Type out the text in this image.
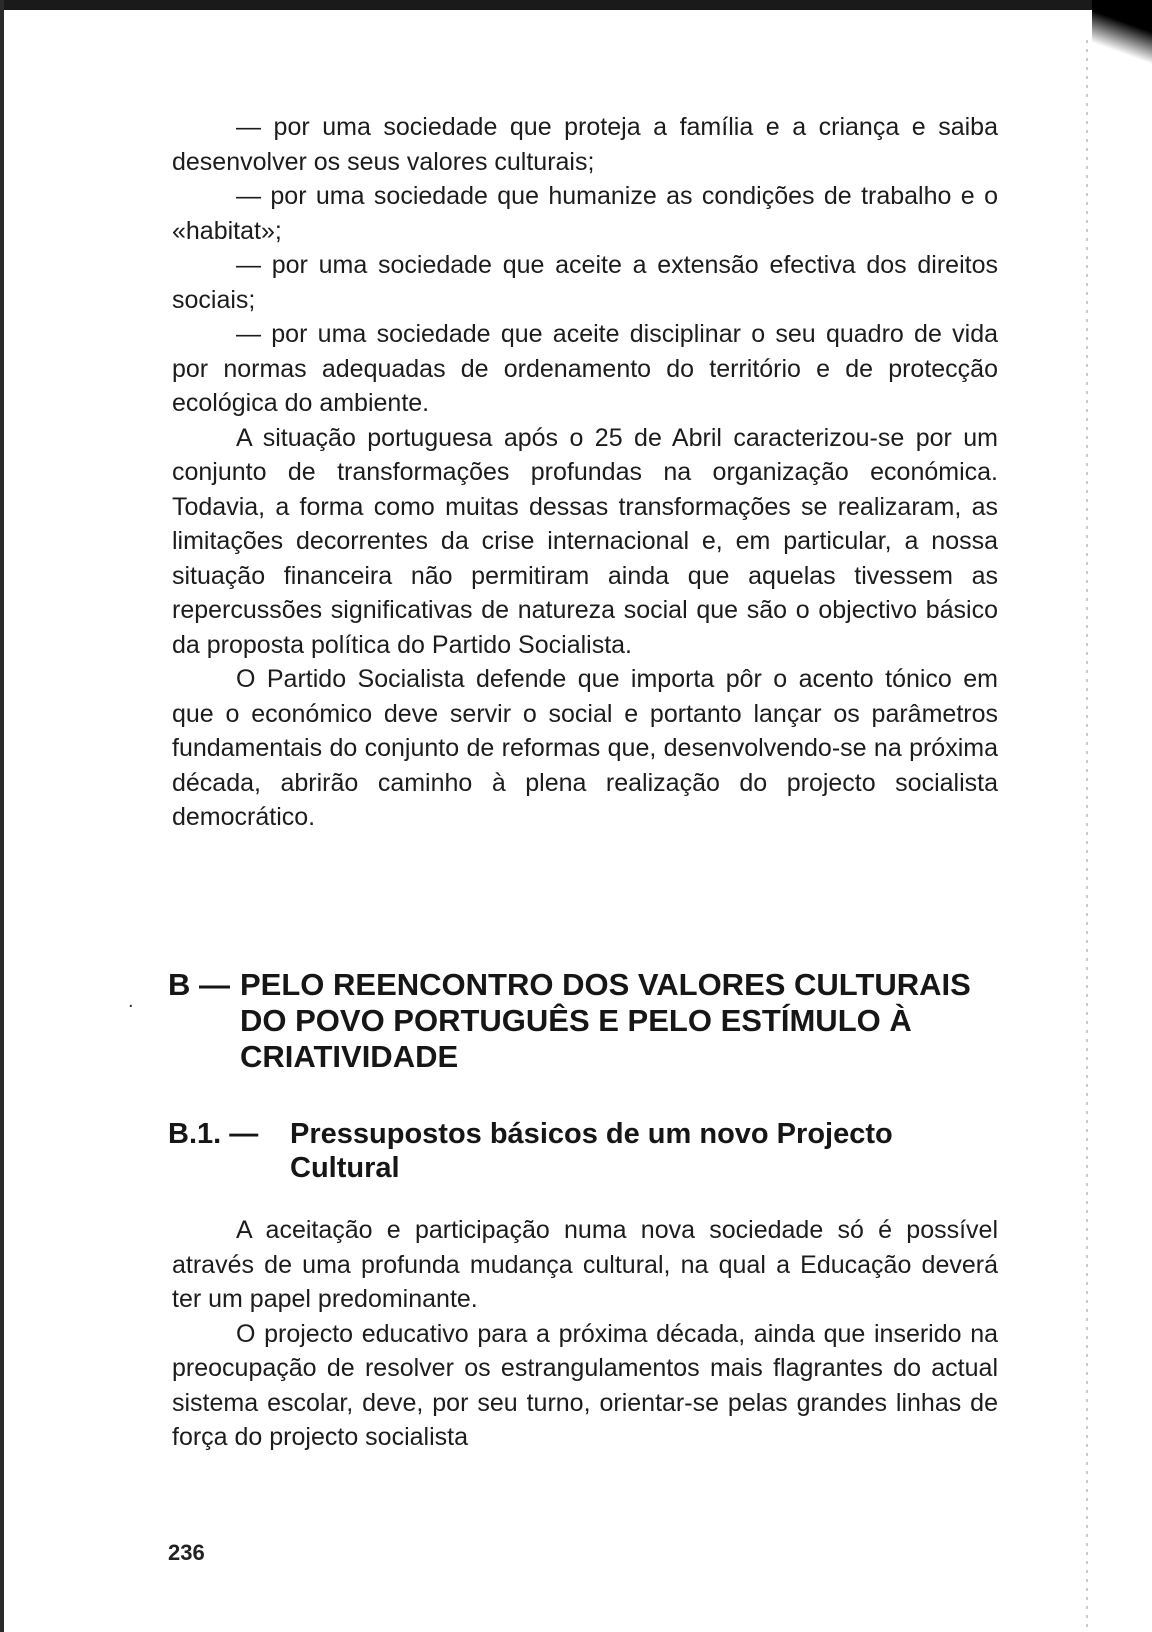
— por uma sociedade que proteja a família e a criança e saiba desenvolver os seus valores culturais;

— por uma sociedade que humanize as condições de trabalho e o «habitat»;

— por uma sociedade que aceite a extensão efectiva dos direitos sociais;

— por uma sociedade que aceite disciplinar o seu quadro de vida por normas adequadas de ordenamento do território e de protecção ecológica do ambiente.

A situação portuguesa após o 25 de Abril caracterizou-se por um conjunto de transformações profundas na organização económica. Todavia, a forma como muitas dessas transformações se realizaram, as limitações decorrentes da crise internacional e, em particular, a nossa situação financeira não permitiram ainda que aquelas tivessem as repercussões significativas de natureza social que são o objectivo básico da proposta política do Partido Socialista.

O Partido Socialista defende que importa pôr o acento tónico em que o económico deve servir o social e portanto lançar os parâmetros fundamentais do conjunto de reformas que, desenvolvendo-se na próxima década, abrirão caminho à plena realização do projecto socialista democrático.

. B — PELO REENCONTRO DOS VALORES CULTURAIS DO POVO PORTUGUÊS E PELO ESTÍMULO À CRIATIVIDADE
B.1. —	Pressupostos básicos de um novo Projecto Cultural

A aceitação e participação numa nova sociedade só é possível através de uma profunda mudança cultural, na qual a Educação deverá ter um papel predominante.

O projecto educativo para a próxima década, ainda que inserido na preocupação de resolver os estrangulamentos mais flagrantes do actual sistema escolar, deve, por seu turno, orientar-se pelas grandes linhas de força do projecto socialista

236
